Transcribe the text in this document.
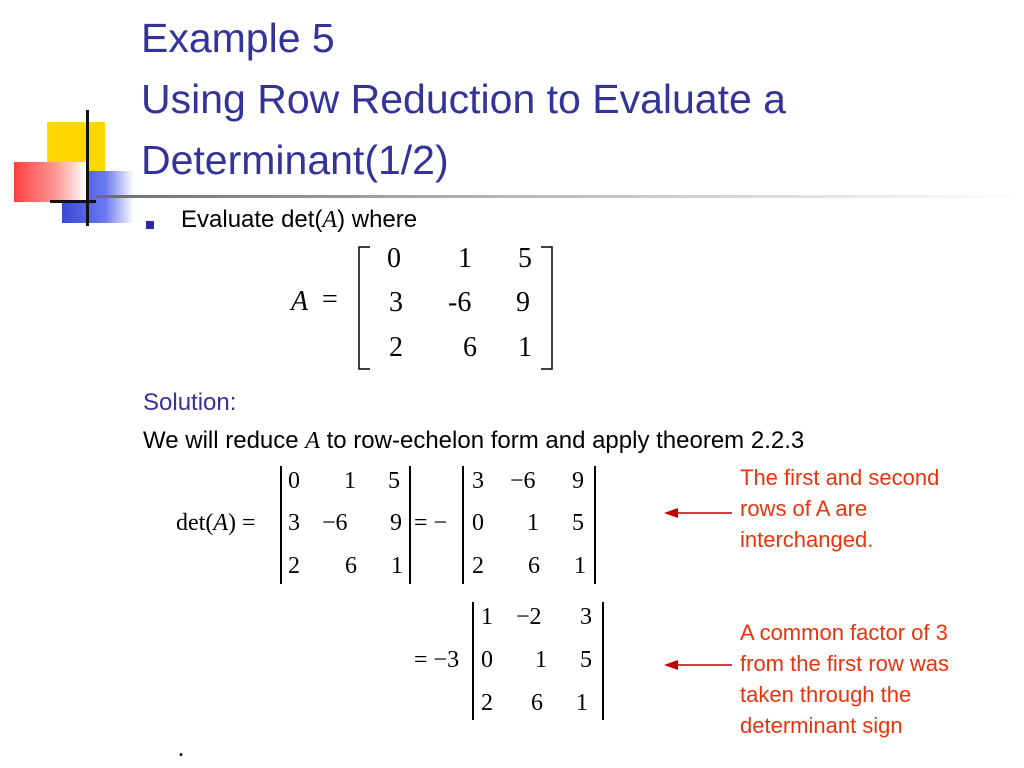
Example 5
Using Row Reduction to Evaluate a
Determinant(1/2)
Evaluate det(A) where
A =
0 1 5
3 -6 9
2 6 1
Solution:
We will reduce A to row-echelon form and apply theorem 2.2.3
det(A) =
0 1 5
3 −6 9
2 6 1
= −
3 −6 9
0 1 5
2 6 1
= −3
1 −2 3
0 1 5
2 6 1
The first and second
rows of A are
interchanged.
A common factor of 3
from the first row was
taken through the
determinant sign
.
